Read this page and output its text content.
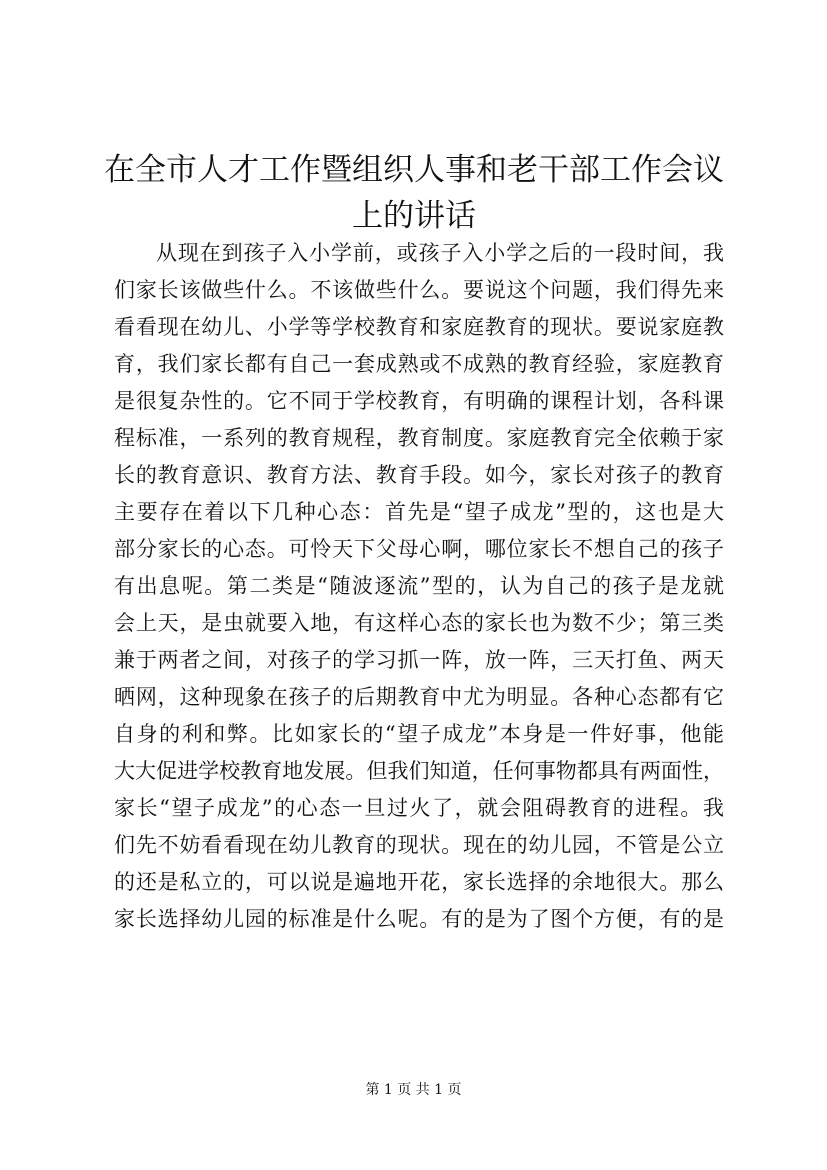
在全市人才工作暨组织人事和老干部工作会议
上的讲话
从现在到孩子入小学前，或孩子入小学之后的一段时间，我
们家长该做些什么。不该做些什么。要说这个问题，我们得先来
看看现在幼儿、小学等学校教育和家庭教育的现状。要说家庭教
育，我们家长都有自己一套成熟或不成熟的教育经验，家庭教育
是很复杂性的。它不同于学校教育，有明确的课程计划，各科课
程标准，一系列的教育规程，教育制度。家庭教育完全依赖于家
长的教育意识、教育方法、教育手段。如今，家长对孩子的教育
主要存在着以下几种心态：首先是“望子成龙”型的，这也是大
部分家长的心态。可怜天下父母心啊，哪位家长不想自己的孩子
有出息呢。第二类是“随波逐流”型的，认为自己的孩子是龙就
会上天，是虫就要入地，有这样心态的家长也为数不少；第三类
兼于两者之间，对孩子的学习抓一阵，放一阵，三天打鱼、两天
晒网，这种现象在孩子的后期教育中尤为明显。各种心态都有它
自身的利和弊。比如家长的“望子成龙”本身是一件好事，他能
大大促进学校教育地发展。但我们知道，任何事物都具有两面性，
家长“望子成龙”的心态一旦过火了，就会阻碍教育的进程。我
们先不妨看看现在幼儿教育的现状。现在的幼儿园，不管是公立
的还是私立的，可以说是遍地开花，家长选择的余地很大。那么
家长选择幼儿园的标准是什么呢。有的是为了图个方便，有的是
第 1 页 共 1 页
